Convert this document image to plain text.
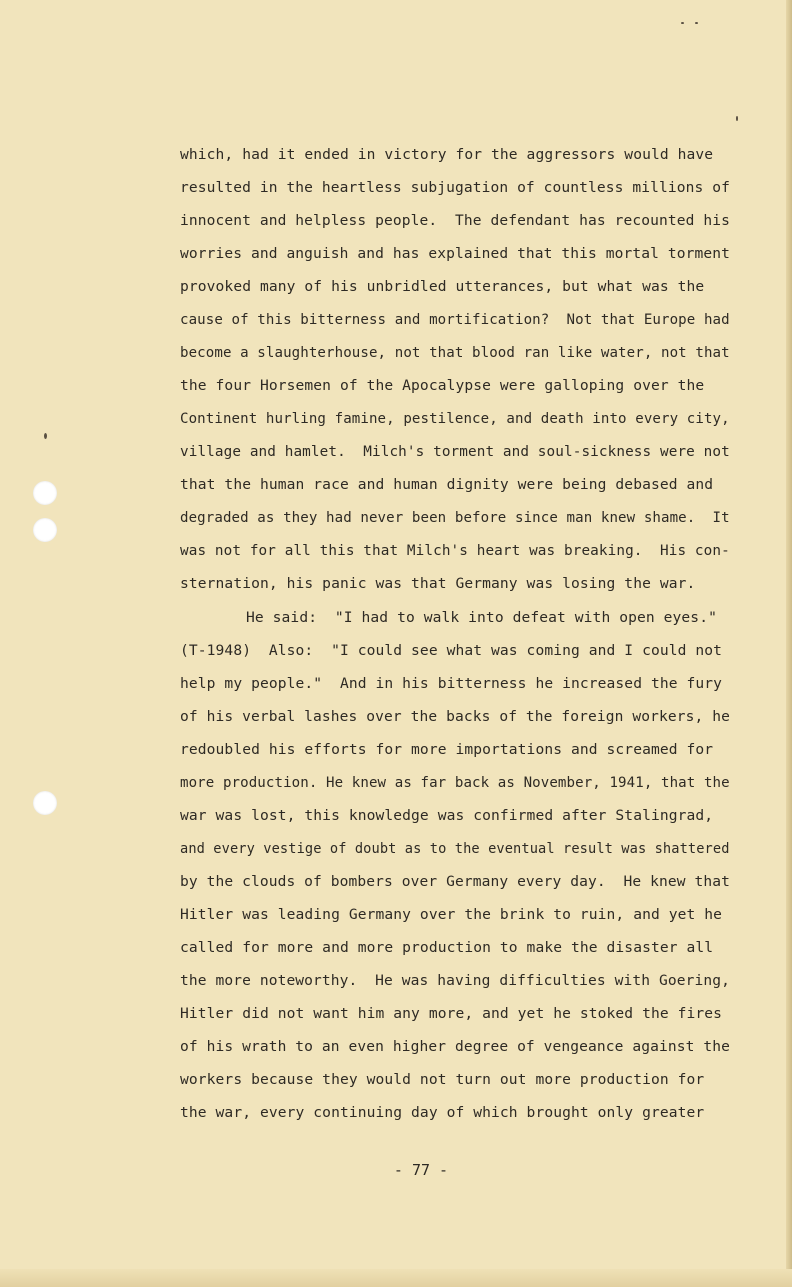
which, had it ended in victory for the aggressors would have
resulted in the heartless subjugation of countless millions of
innocent and helpless people.  The defendant has recounted his
worries and anguish and has explained that this mortal torment
provoked many of his unbridled utterances, but what was the
cause of this bitterness and mortification?  Not that Europe had
become a slaughterhouse, not that blood ran like water, not that
the four Horsemen of the Apocalypse were galloping over the
Continent hurling famine, pestilence, and death into every city,
village and hamlet.  Milch's torment and soul-sickness were not
that the human race and human dignity were being debased and
degraded as they had never been before since man knew shame.  It
was not for all this that Milch's heart was breaking.  His con-
sternation, his panic was that Germany was losing the war.
He said:  "I had to walk into defeat with open eyes."
(T-1948)  Also:  "I could see what was coming and I could not
help my people."  And in his bitterness he increased the fury
of his verbal lashes over the backs of the foreign workers, he
redoubled his efforts for more importations and screamed for
more production. He knew as far back as November, 1941, that the
war was lost, this knowledge was confirmed after Stalingrad,
and every vestige of doubt as to the eventual result was shattered
by the clouds of bombers over Germany every day.  He knew that
Hitler was leading Germany over the brink to ruin, and yet he
called for more and more production to make the disaster all
the more noteworthy.  He was having difficulties with Goering,
Hitler did not want him any more, and yet he stoked the fires
of his wrath to an even higher degree of vengeance against the
workers because they would not turn out more production for
the war, every continuing day of which brought only greater
- 77 -
